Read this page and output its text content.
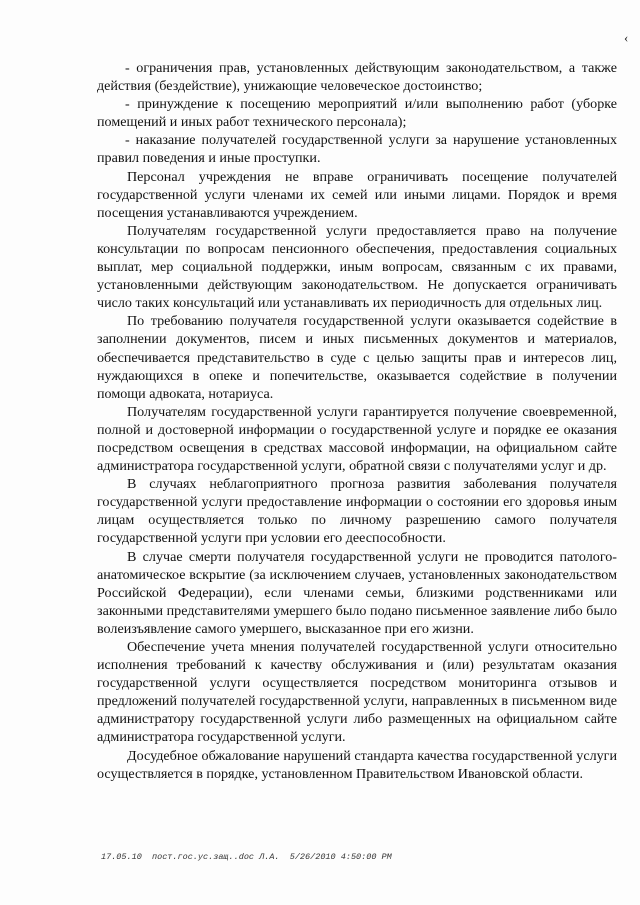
‹

- ограничения прав, установленных действующим законодательством, а также действия (бездействие), унижающие человеческое достоинство;

- принуждение к посещению мероприятий и/или выполнению работ (уборке помещений и иных работ технического персонала);

- наказание получателей государственной услуги за нарушение установленных правил поведения и иные проступки.

Персонал учреждения не вправе ограничивать посещение получателей государственной услуги членами их семей или иными лицами. Порядок и время посещения устанавливаются учреждением.

Получателям государственной услуги предоставляется право на получение консультации по вопросам пенсионного обеспечения, предоставления социальных выплат, мер социальной поддержки, иным вопросам, связанным с их правами, установленными действующим законодательством. Не допускается ограничивать число таких консультаций или устанавливать их периодичность для отдельных лиц.

По требованию получателя государственной услуги оказывается содействие в заполнении документов, писем и иных письменных документов и материалов, обеспечивается представительство в суде с целью защиты прав и интересов лиц, нуждающихся в опеке и попечительстве, оказывается содействие в получении помощи адвоката, нотариуса.

Получателям государственной услуги гарантируется получение своевременной, полной и достоверной информации о государственной услуге и порядке ее оказания посредством освещения в средствах массовой информации, на официальном сайте администратора государственной услуги, обратной связи с получателями услуг и др.

В случаях неблагоприятного прогноза развития заболевания получателя государственной услуги предоставление информации о состоянии его здоровья иным лицам осуществляется только по личному разрешению самого получателя государственной услуги при условии его дееспособности.

В случае смерти получателя государственной услуги не проводится патолого-анатомическое вскрытие (за исключением случаев, установленных законодательством Российской Федерации), если членами семьи, близкими родственниками или законными представителями умершего было подано письменное заявление либо было волеизъявление самого умершего, высказанное при его жизни.

Обеспечение учета мнения получателей государственной услуги относительно исполнения требований к качеству обслуживания и (или) результатам оказания государственной услуги осуществляется посредством мониторинга отзывов и предложений получателей государственной услуги, направленных в письменном виде администратору государственной услуги либо размещенных на официальном сайте администратора государственной услуги.

Досудебное обжалование нарушений стандарта качества государственной услуги осуществляется в порядке, установленном Правительством Ивановской области.

17.05.10  пост.гос.ус.защ..doc Л.А.  5/26/2010 4:50:00 PM
